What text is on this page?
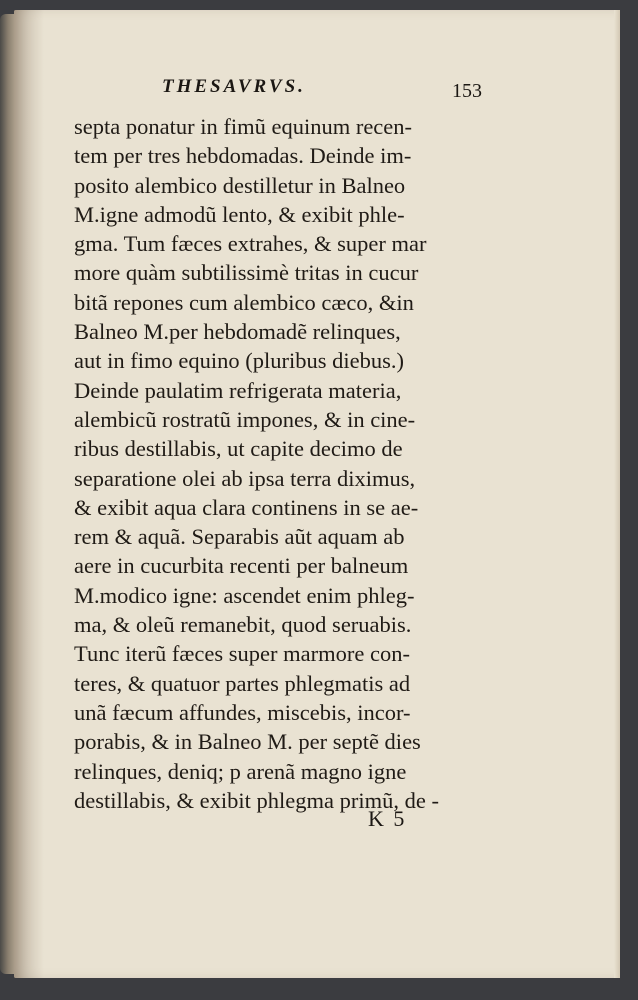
THESAVRVS.	153
septa ponatur in fimũ equinum recen-
tem per tres hebdomadas. Deinde im-
posito alembico destilletur in Balneo
M.igne admodũ lento, & exibit phle-
gma. Tum fæces extrahes, & super mar
more quàm subtilissimè tritas in cucur
bitã repones cum alembico cæco, &in
Balneo M.per hebdomadẽ relinques,
aut in fimo equino (pluribus diebus.)
Deinde paulatim refrigerata materia,
alembicũ rostratũ impones, & in cine-
ribus destillabis, ut capite decimo de
separatione olei ab ipsa terra diximus,
& exibit aqua clara continens in se ae-
rem & aquã. Separabis aũt aquam ab
aere in cucurbita recenti per balneum
M.modico igne: ascendet enim phleg-
ma, & oleũ remanebit, quod seruabis.
Tunc iterũ fæces super marmore con-
teres, & quatuor partes phlegmatis ad
unã fæcum affundes, miscebis, incor-
porabis, & in Balneo M. per septẽ dies
relinques, deniq; p arenã magno igne
destillabis, & exibit phlegma primũ, de -
K 5
